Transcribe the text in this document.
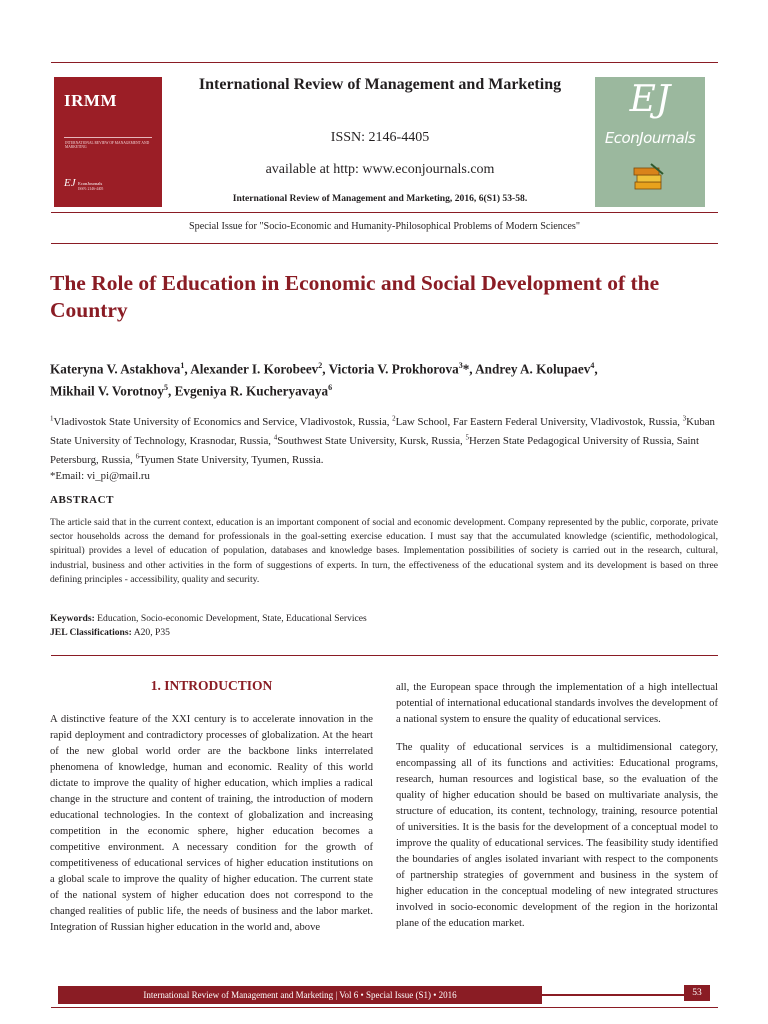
IRMM
INTERNATIONAL REVIEW OF MANAGEMENT AND MARKETING
EJ EconJournals
ISSN: 2146-4405
International Review of Management and Marketing
ISSN: 2146-4405
available at http: www.econjournals.com
International Review of Management and Marketing, 2016, 6(S1) 53-58.
EJ
EconJournals
Special Issue for "Socio-Economic and Humanity-Philosophical Problems of Modern Sciences"
The Role of Education in Economic and Social Development of the Country
Kateryna V. Astakhova$^1$, Alexander I. Korobeev$^2$, Victoria V. Prokhorova$^3$*, Andrey A. Kolupaev$^4$,
Mikhail V. Vorotnoy$^5$, Evgeniya R. Kucheryavaya$^6$
$^1$Vladivostok State University of Economics and Service, Vladivostok, Russia, $^2$Law School, Far Eastern Federal University, Vladivostok, Russia, $^3$Kuban State University of Technology, Krasnodar, Russia, $^4$Southwest State University, Kursk, Russia, $^5$Herzen State Pedagogical University of Russia, Saint Petersburg, Russia, $^6$Tyumen State University, Tyumen, Russia.
*Email: vi_pi@mail.ru
ABSTRACT
The article said that in the current context, education is an important component of social and economic development. Company represented by the public, corporate, private sector households across the demand for professionals in the goal-setting exercise education. I must say that the accumulated knowledge (scientific, methodological, spiritual) provides a level of education of population, databases and knowledge bases. Implementation possibilities of society is carried out in the research, cultural, industrial, business and other activities in the form of suggestions of experts. In turn, the effectiveness of the educational system and its development is based on three defining principles - accessibility, quality and security.
Keywords: Education, Socio-economic Development, State, Educational Services
JEL Classifications: A20, P35
1. INTRODUCTION

A distinctive feature of the XXI century is to accelerate innovation in the rapid deployment and contradictory processes of globalization. At the heart of the new global world order are the backbone links interrelated phenomena of knowledge, human and economic. Reality of this world dictate to improve the quality of higher education, which implies a radical change in the structure and content of training, the introduction of modern educational technologies. In the context of globalization and increasing competition in the economic sphere, higher education becomes a competitive environment. A necessary condition for the growth of competitiveness of educational services of higher education institutions on a global scale to improve the quality of higher education. The current state of the national system of higher education does not correspond to the changed realities of public life, the needs of business and the labor market. Integration of Russian higher education in the world and, above

all, the European space through the implementation of a high intellectual potential of international educational standards involves the development of a national system to ensure the quality of educational services.

The quality of educational services is a multidimensional category, encompassing all of its functions and activities: Educational programs, research, human resources and logistical base, so the evaluation of the quality of higher education should be based on multivariate analysis, the structure of education, its content, technology, training, resource potential of universities. It is the basis for the development of a conceptual model to improve the quality of educational services. The feasibility study identified the boundaries of angles isolated invariant with respect to the components of partnership strategies of government and business in the system of higher education in the conceptual modeling of new integrated structures involved in socio-economic development of the region in the horizontal plane of the education market.

International Review of Management and Marketing | Vol 6 • Special Issue (S1) • 2016	53
